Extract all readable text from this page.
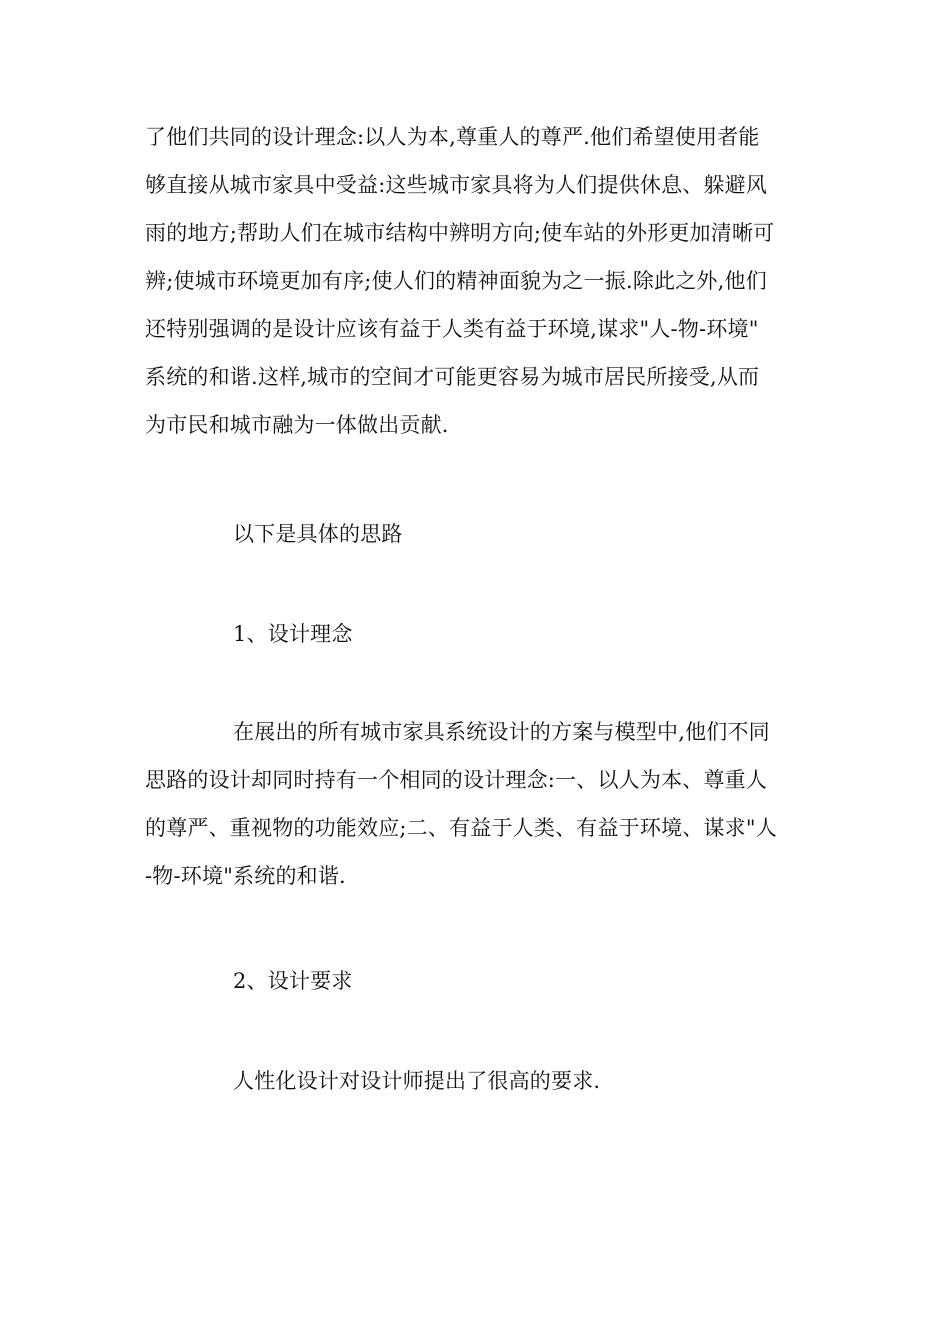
了他们共同的设计理念:以人为本,尊重人的尊严.他们希望使用者能
够直接从城市家具中受益:这些城市家具将为人们提供休息、躲避风
雨的地方;帮助人们在城市结构中辨明方向;使车站的外形更加清晰可
辨;使城市环境更加有序;使人们的精神面貌为之一振.除此之外,他们
还特别强调的是设计应该有益于人类有益于环境,谋求"人-物-环境"
系统的和谐.这样,城市的空间才可能更容易为城市居民所接受,从而
为市民和城市融为一体做出贡献.
以下是具体的思路
1、设计理念
在展出的所有城市家具系统设计的方案与模型中,他们不同
思路的设计却同时持有一个相同的设计理念:一、以人为本、尊重人
的尊严、重视物的功能效应;二、有益于人类、有益于环境、谋求"人
-物-环境"系统的和谐.
2、设计要求
人性化设计对设计师提出了很高的要求.
